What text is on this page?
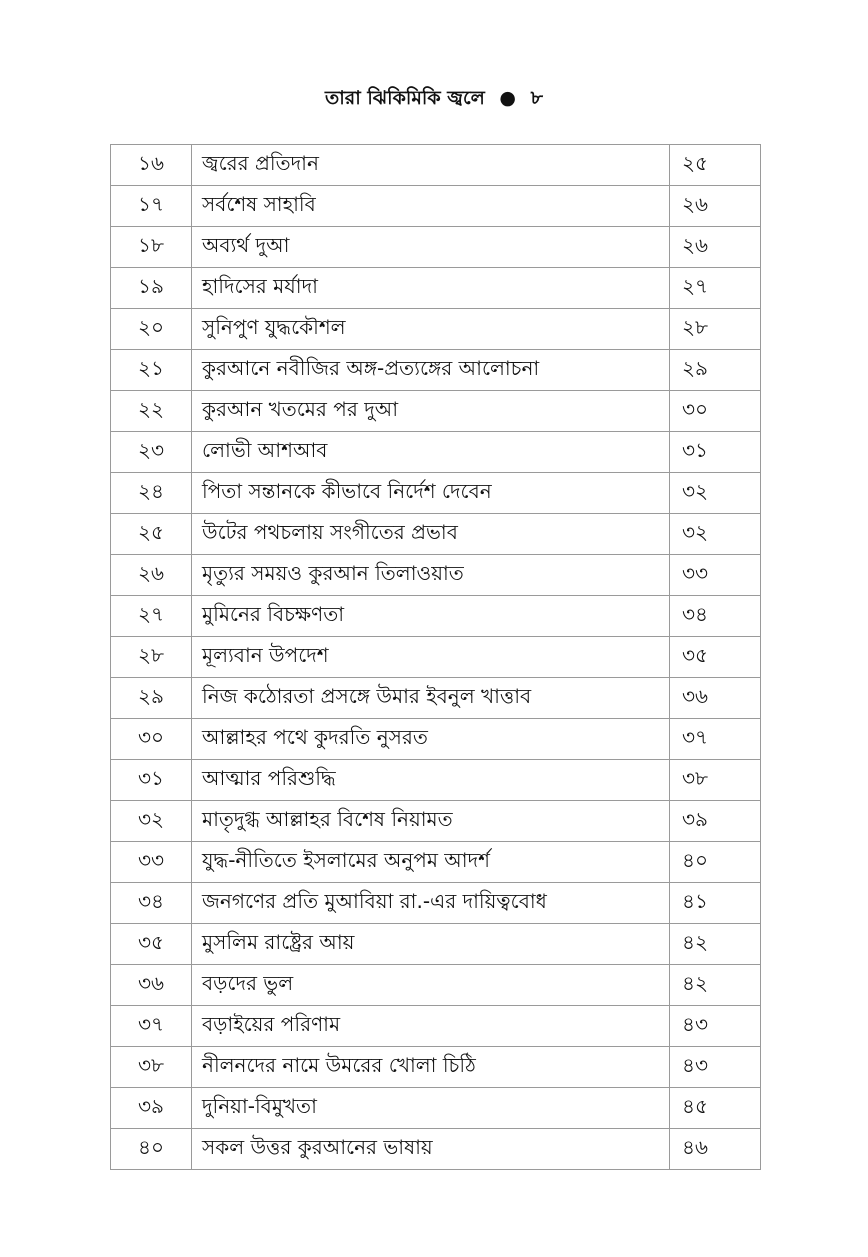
তারা ঝিকিমিকি জ্বলে ● ৮
১৬	জ্বরের প্রতিদান	২৫
১৭	সর্বশেষ সাহাবি	২৬
১৮	অব্যর্থ দুআ	২৬
১৯	হাদিসের মর্যাদা	২৭
২০	সুনিপুণ যুদ্ধকৌশল	২৮
২১	কুরআনে নবীজির অঙ্গ-প্রত্যঙ্গের আলোচনা	২৯
২২	কুরআন খতমের পর দুআ	৩০
২৩	লোভী আশআব	৩১
২৪	পিতা সন্তানকে কীভাবে নির্দেশ দেবেন	৩২
২৫	উটের পথচলায় সংগীতের প্রভাব	৩২
২৬	মৃত্যুর সময়ও কুরআন তিলাওয়াত	৩৩
২৭	মুমিনের বিচক্ষণতা	৩৪
২৮	মূল্যবান উপদেশ	৩৫
২৯	নিজ কঠোরতা প্রসঙ্গে উমার ইবনুল খাত্তাব	৩৬
৩০	আল্লাহর পথে কুদরতি নুসরত	৩৭
৩১	আত্মার পরিশুদ্ধি	৩৮
৩২	মাতৃদুগ্ধ আল্লাহর বিশেষ নিয়ামত	৩৯
৩৩	যুদ্ধ-নীতিতে ইসলামের অনুপম আদর্শ	৪০
৩৪	জনগণের প্রতি মুআবিয়া রা.-এর দায়িত্ববোধ	৪১
৩৫	মুসলিম রাষ্ট্রের আয়	৪২
৩৬	বড়দের ভুল	৪২
৩৭	বড়াইয়ের পরিণাম	৪৩
৩৮	নীলনদের নামে উমরের খোলা চিঠি	৪৩
৩৯	দুনিয়া-বিমুখতা	৪৫
৪০	সকল উত্তর কুরআনের ভাষায়	৪৬
